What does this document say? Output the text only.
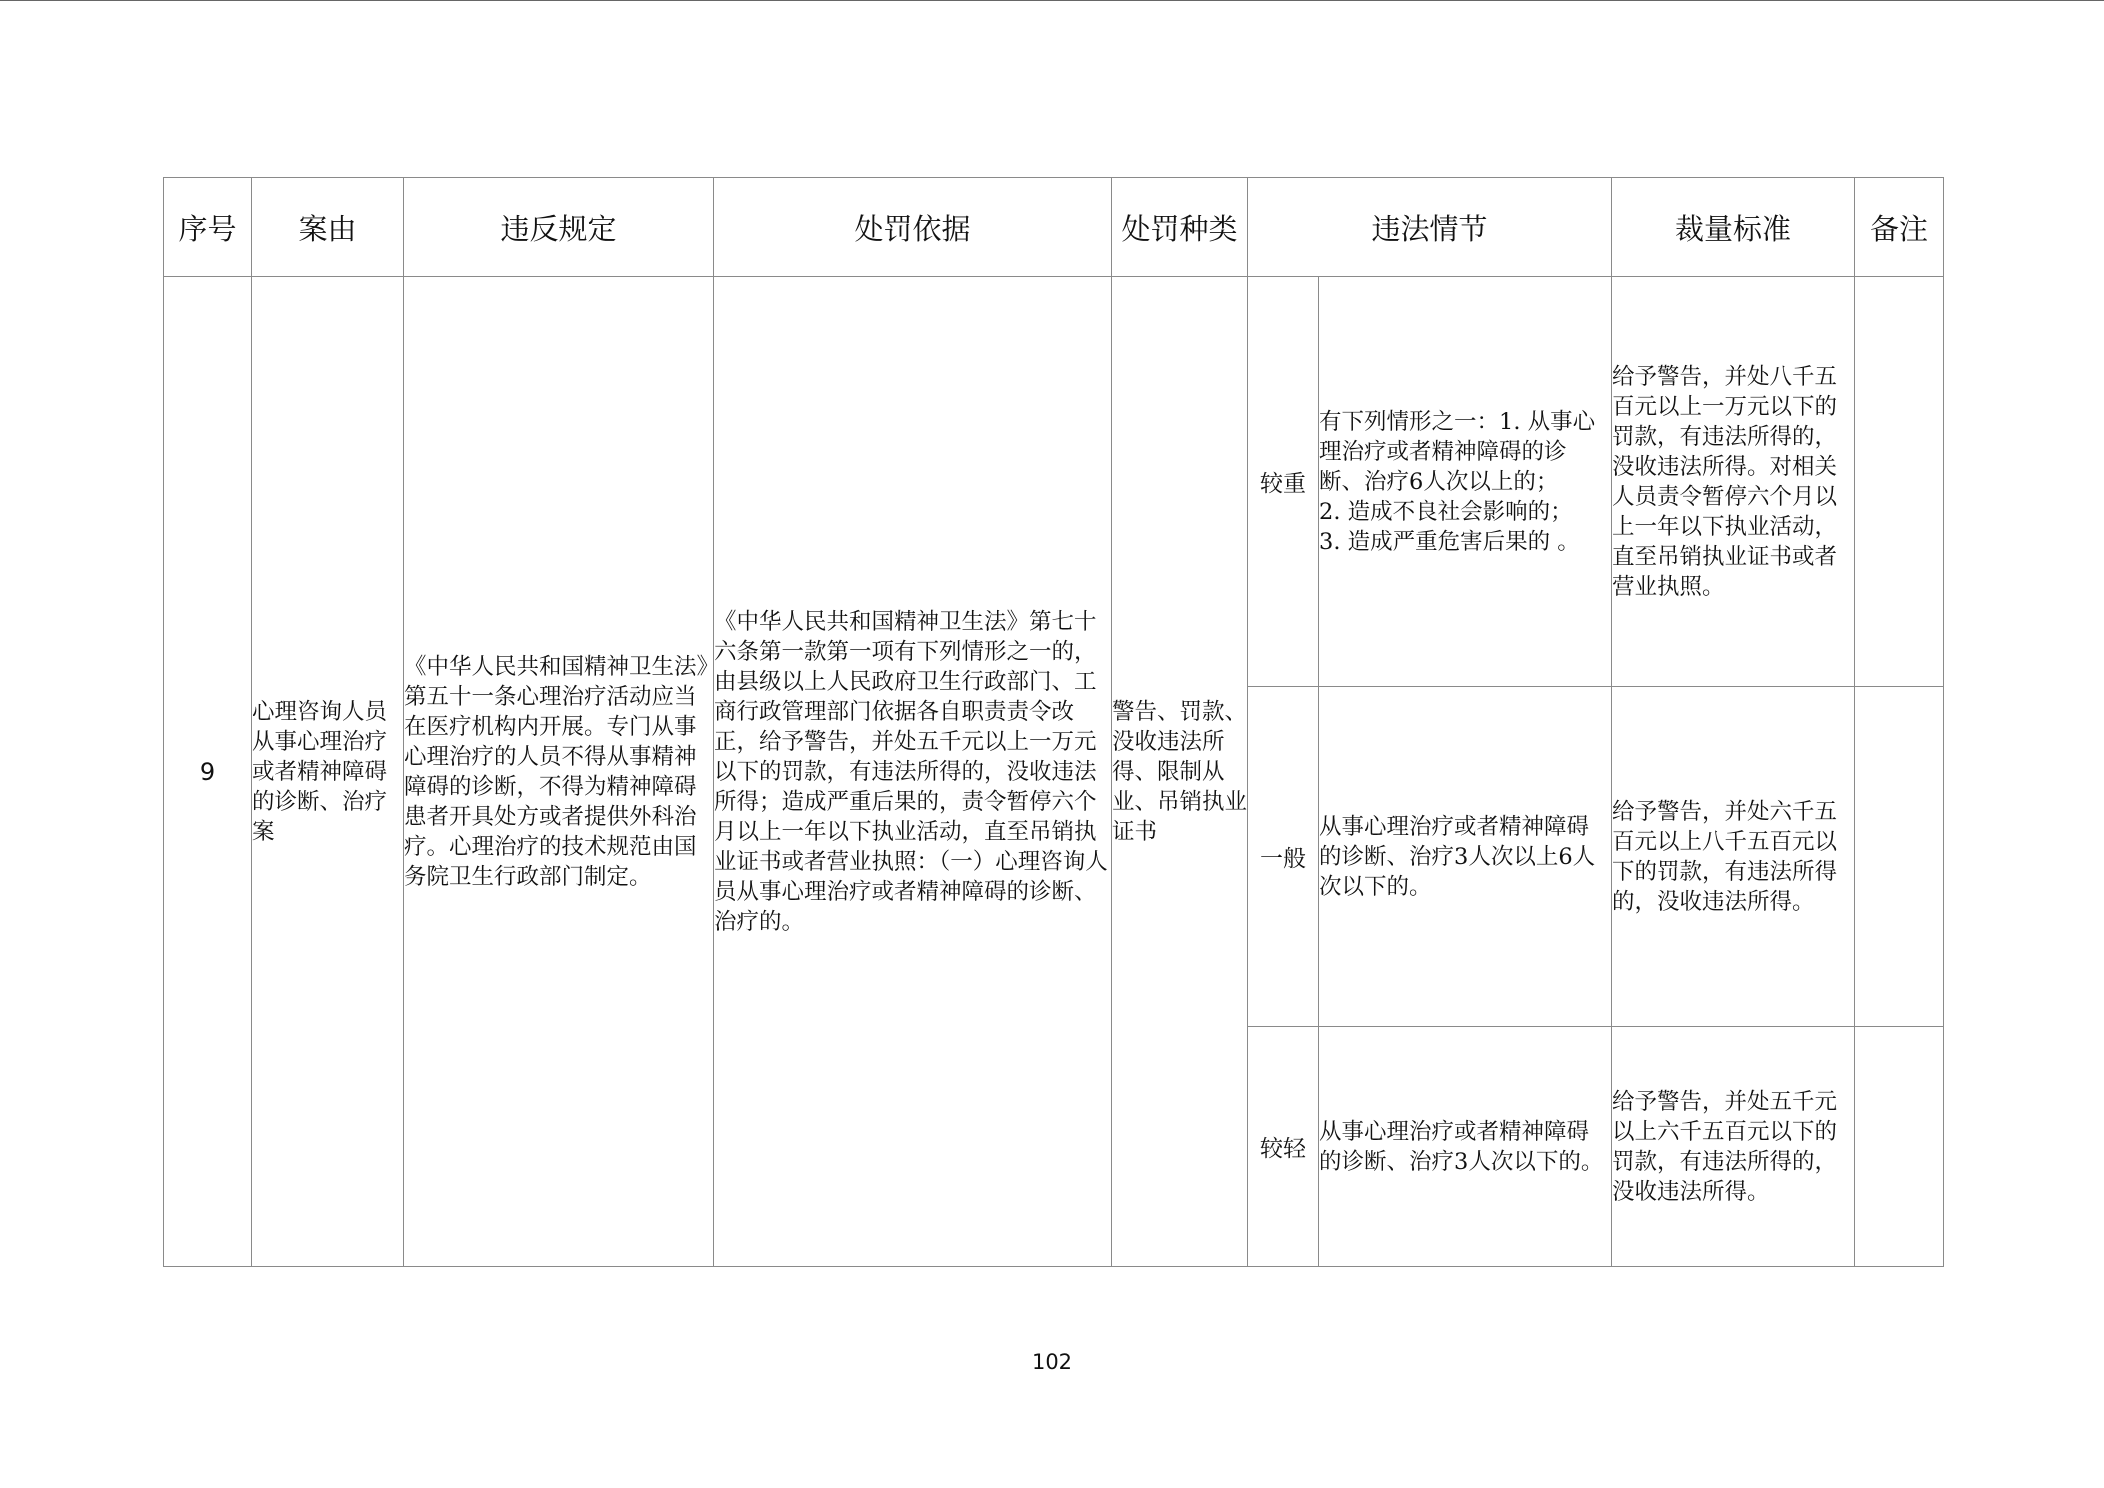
序号	案由	违反规定	处罚依据	处罚种类	违法情节		裁量标准	备注
9	心理咨询人员从事心理治疗或者精神障碍的诊断、治疗案	《中华人民共和国精神卫生法》第五十一条心理治疗活动应当在医疗机构内开展。专门从事心理治疗的人员不得从事精神障碍的诊断，不得为精神障碍患者开具处方或者提供外科治疗。心理治疗的技术规范由国务院卫生行政部门制定。	《中华人民共和国精神卫生法》第七十六条第一款第一项有下列情形之一的，由县级以上人民政府卫生行政部门、工商行政管理部门依据各自职责责令改正，给予警告，并处五千元以上一万元以下的罚款，有违法所得的，没收违法所得；造成严重后果的，责令暂停六个月以上一年以下执业活动，直至吊销执业证书或者营业执照：（一）心理咨询人员从事心理治疗或者精神障碍的诊断、治疗的。	警告、罚款、没收违法所得、限制从业、吊销执业证书	较重	有下列情形之一：1. 从事心理治疗或者精神障碍的诊断、治疗6人次以上的；
2. 造成不良社会影响的；
3. 造成严重危害后果的 。	给予警告，并处八千五百元以上一万元以下的罚款，有违法所得的，没收违法所得。对相关人员责令暂停六个月以上一年以下执业活动，直至吊销执业证书或者营业执照。	
					一般	从事心理治疗或者精神障碍的诊断、治疗3人次以上6人次以下的。	给予警告，并处六千五百元以上八千五百元以下的罚款，有违法所得的，没收违法所得。	
					较轻	从事心理治疗或者精神障碍的诊断、治疗3人次以下的。	给予警告，并处五千元以上六千五百元以下的罚款，有违法所得的，没收违法所得。	
102
